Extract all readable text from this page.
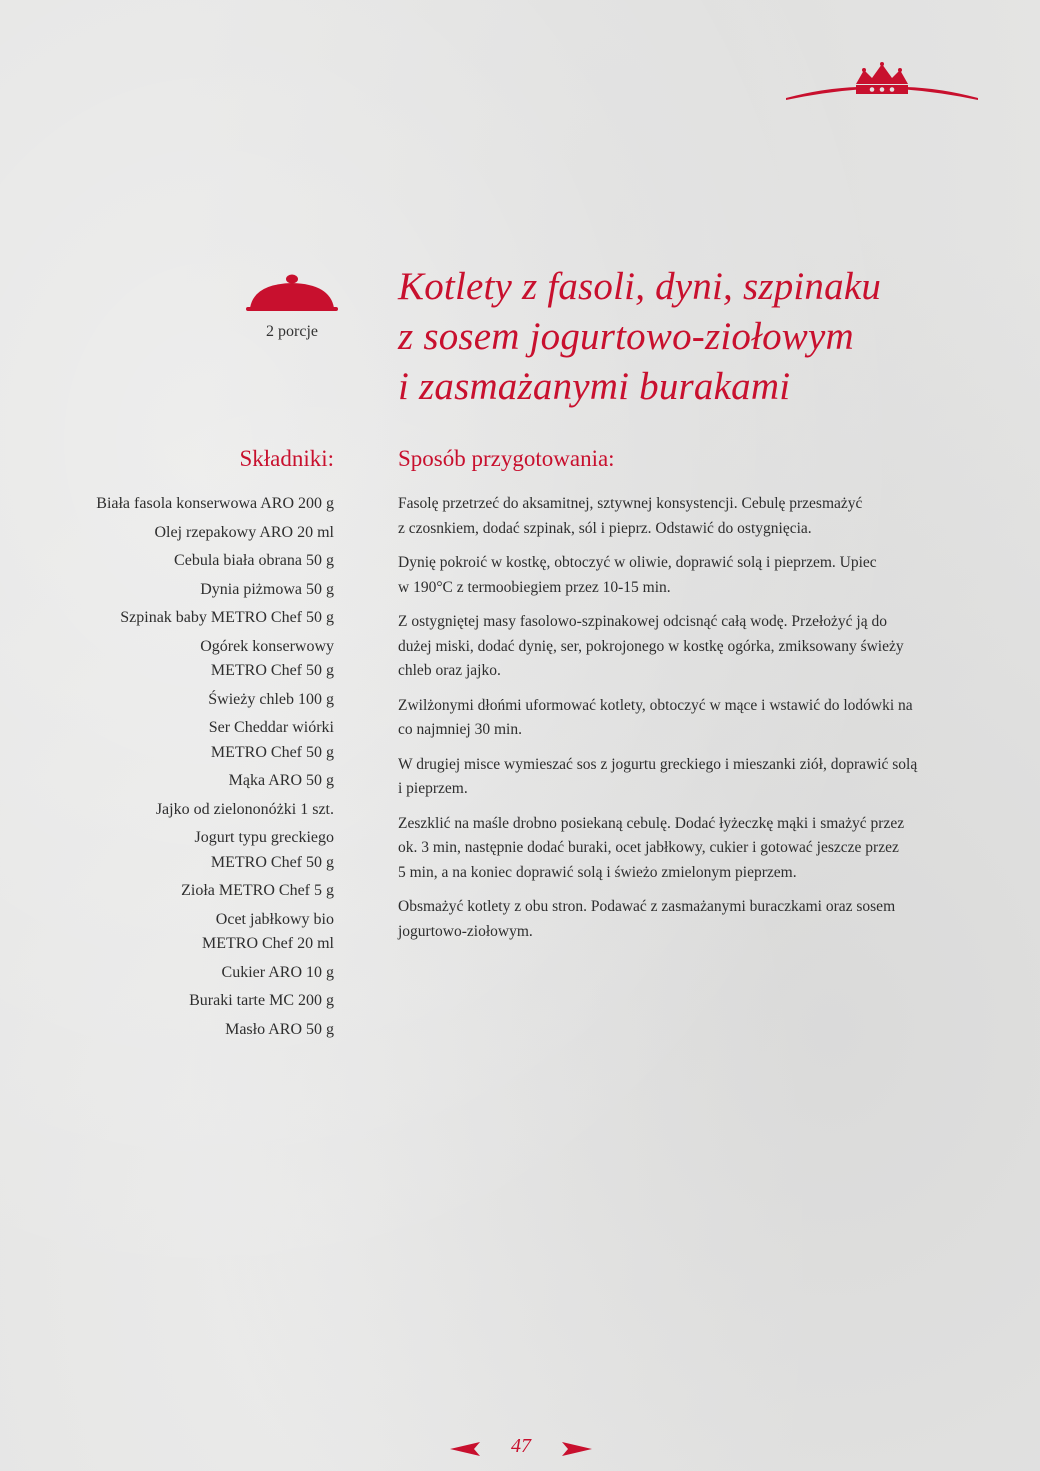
2 porcje
Kotlety z fasoli, dyni, szpinaku
z sosem jogurtowo-ziołowym
i zasmażanymi burakami
Składniki:
Biała fasola konserwowa ARO 200 g
Olej rzepakowy ARO 20 ml
Cebula biała obrana 50 g
Dynia piżmowa 50 g
Szpinak baby METRO Chef 50 g
Ogórek konserwowy
METRO Chef 50 g
Świeży chleb 100 g
Ser Cheddar wiórki
METRO Chef 50 g
Mąka ARO 50 g
Jajko od zielononóżki 1 szt.
Jogurt typu greckiego
METRO Chef 50 g
Zioła METRO Chef 5 g
Ocet jabłkowy bio
METRO Chef 20 ml
Cukier ARO 10 g
Buraki tarte MC 200 g
Masło ARO 50 g
Sposób przygotowania:

Fasolę przetrzeć do aksamitnej, sztywnej konsystencji. Cebulę przesmażyć
z czosnkiem, dodać szpinak, sól i pieprz. Odstawić do ostygnięcia.

Dynię pokroić w kostkę, obtoczyć w oliwie, doprawić solą i pieprzem. Upiec
w 190°C z termoobiegiem przez 10-15 min.

Z ostygniętej masy fasolowo-szpinakowej odcisnąć całą wodę. Przełożyć ją do
dużej miski, dodać dynię, ser, pokrojonego w kostkę ogórka, zmiksowany świeży
chleb oraz jajko.

Zwilżonymi dłońmi uformować kotlety, obtoczyć w mące i wstawić do lodówki na
co najmniej 30 min.

W drugiej misce wymieszać sos z jogurtu greckiego i mieszanki ziół, doprawić solą
i pieprzem.

Zeszklić na maśle drobno posiekaną cebulę. Dodać łyżeczkę mąki i smażyć przez
ok. 3 min, następnie dodać buraki, ocet jabłkowy, cukier i gotować jeszcze przez
5 min, a na koniec doprawić solą i świeżo zmielonym pieprzem.

Obsmażyć kotlety z obu stron. Podawać z zasmażanymi buraczkami oraz sosem
jogurtowo-ziołowym.

47
